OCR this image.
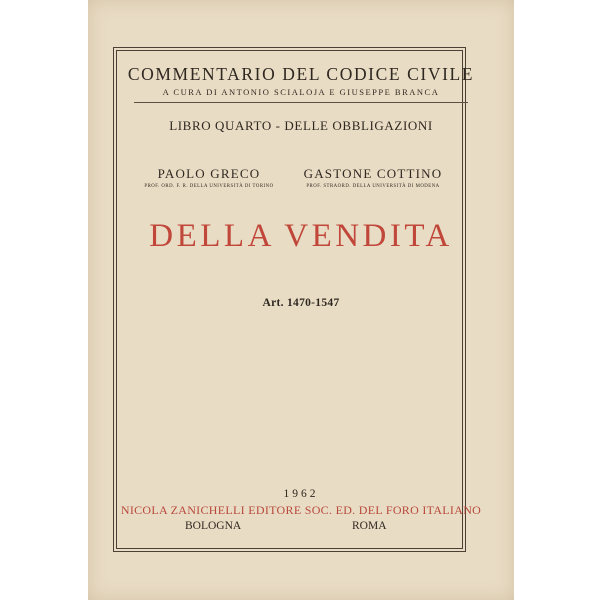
COMMENTARIO DEL CODICE CIVILE
A CURA DI ANTONIO SCIALOJA E GIUSEPPE BRANCA
LIBRO QUARTO - DELLE OBBLIGAZIONI
PAOLO GRECO
PROF. ORD. F. R. DELLA UNIVERSITÀ DI TORINO
GASTONE COTTINO
PROF. STRAORD. DELLA UNIVERSITÀ DI MODENA
DELLA VENDITA
Art. 1470-1547
1962
NICOLA ZANICHELLI EDITORE SOC. ED. DEL FORO ITALIANO
BOLOGNA	ROMA
